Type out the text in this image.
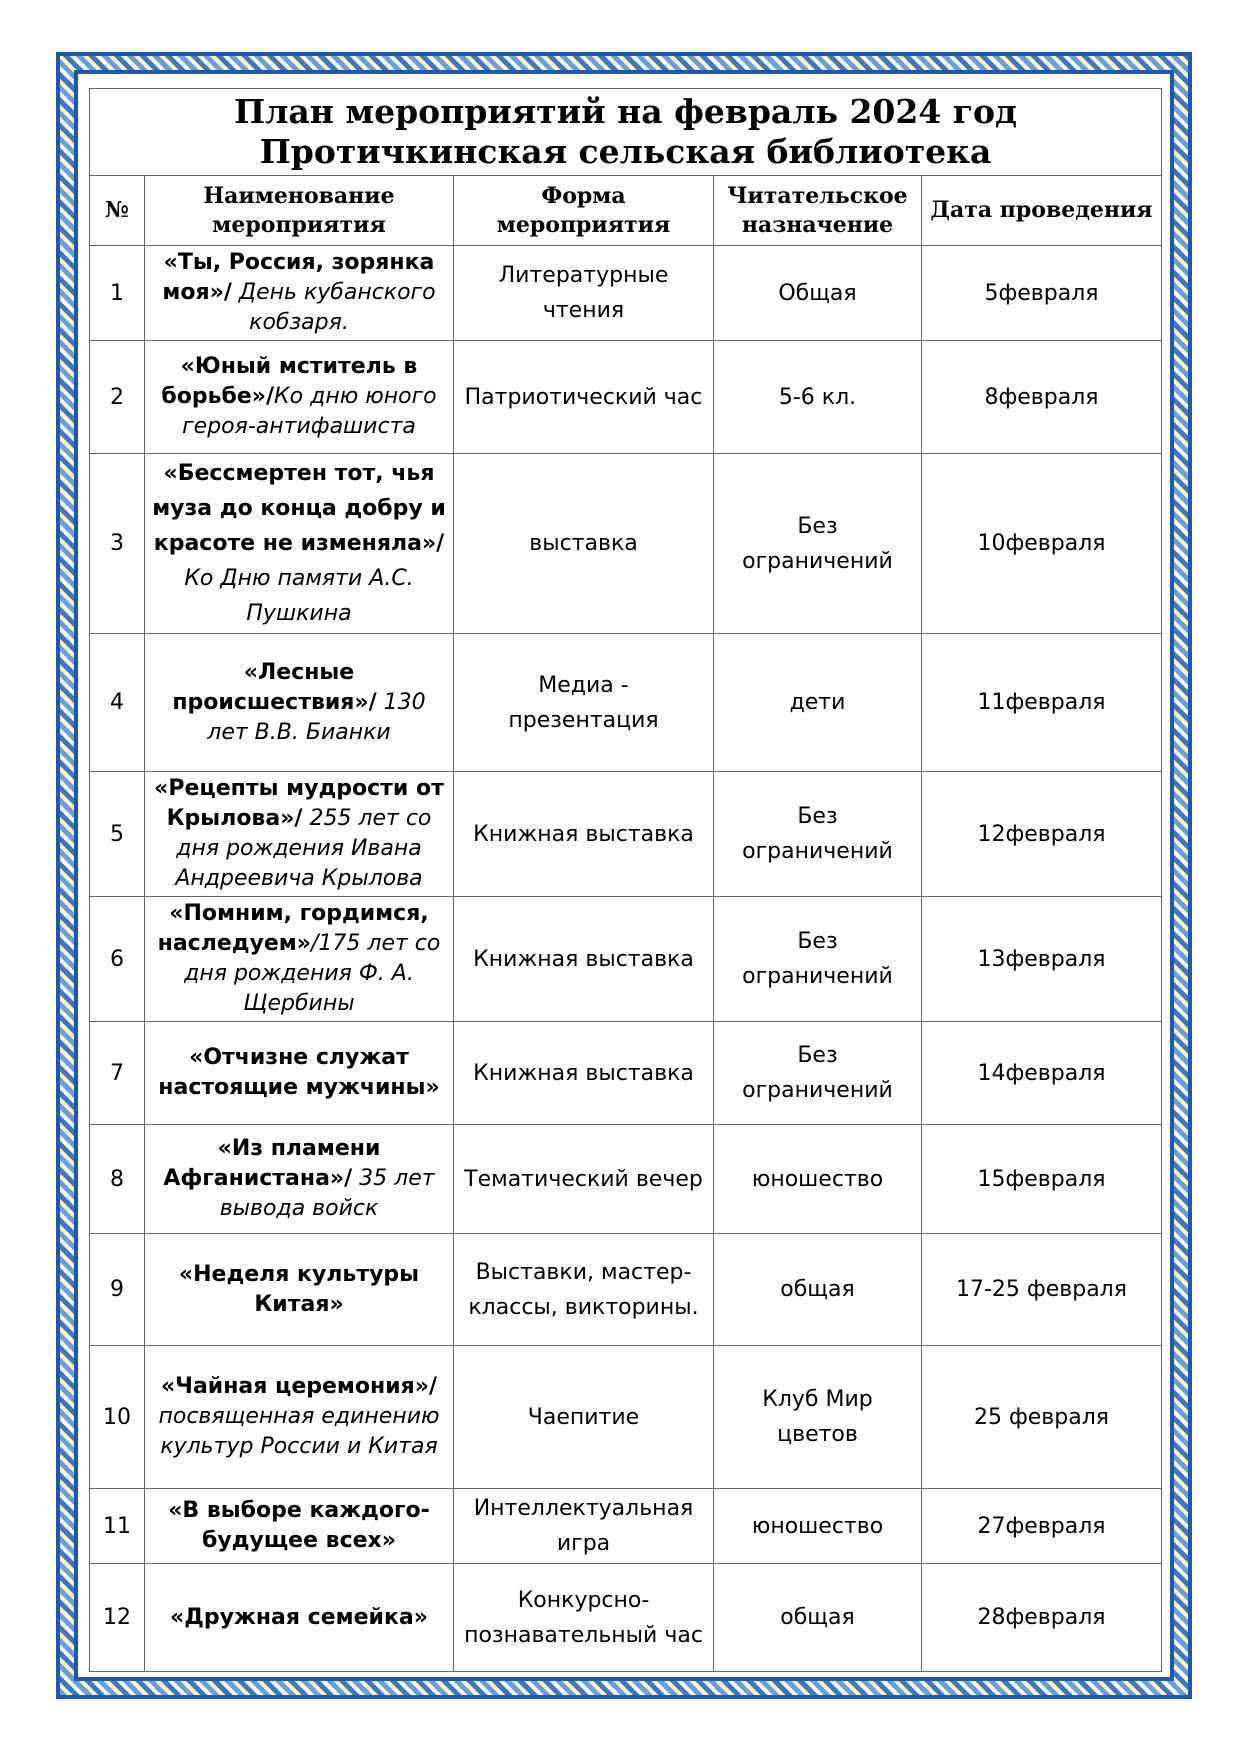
План мероприятий на февраль 2024 год
Протичкинская сельская библиотека				

№	Наименование мероприятия	Форма мероприятия	Читательское назначение	Дата проведения
1	«Ты, Россия, зорянка моя»/ День кубанского кобзаря.	Литературные чтения	Общая	5февраля
2	«Юный мститель в борьбе»/Ко дню юного героя-антифашиста	Патриотический час	5-6 кл.	8февраля
3	«Бессмертен тот, чья муза до конца добру и красоте не изменяла»/ Ко Дню памяти А.С. Пушкина	выставка	Без ограничений	10февраля
4	«Лесные происшествия»/ 130 лет В.В. Бианки	Медиа - презентация	дети	11февраля
5	«Рецепты мудрости от Крылова»/ 255 лет со дня рождения Ивана Андреевича Крылова	Книжная выставка	Без ограничений	12февраля
6	«Помним, гордимся, наследуем»/175 лет со дня рождения Ф. А. Щербины	Книжная выставка	Без ограничений	13февраля
7	«Отчизне служат настоящие мужчины»	Книжная выставка	Без ограничений	14февраля
8	«Из пламени Афганистана»/ 35 лет вывода войск	Тематический вечер	юношество	15февраля
9	«Неделя культуры Китая»	Выставки, мастер-классы, викторины.	общая	17-25 февраля
10	«Чайная церемония»/ посвященная единению культур России и Китая	Чаепитие	Клуб Мир цветов	25 февраля
11	«В выборе каждого-будущее всех»	Интеллектуальная игра	юношество	27февраля
12	«Дружная семейка»	Конкурсно-познавательный час	общая	28февраля
